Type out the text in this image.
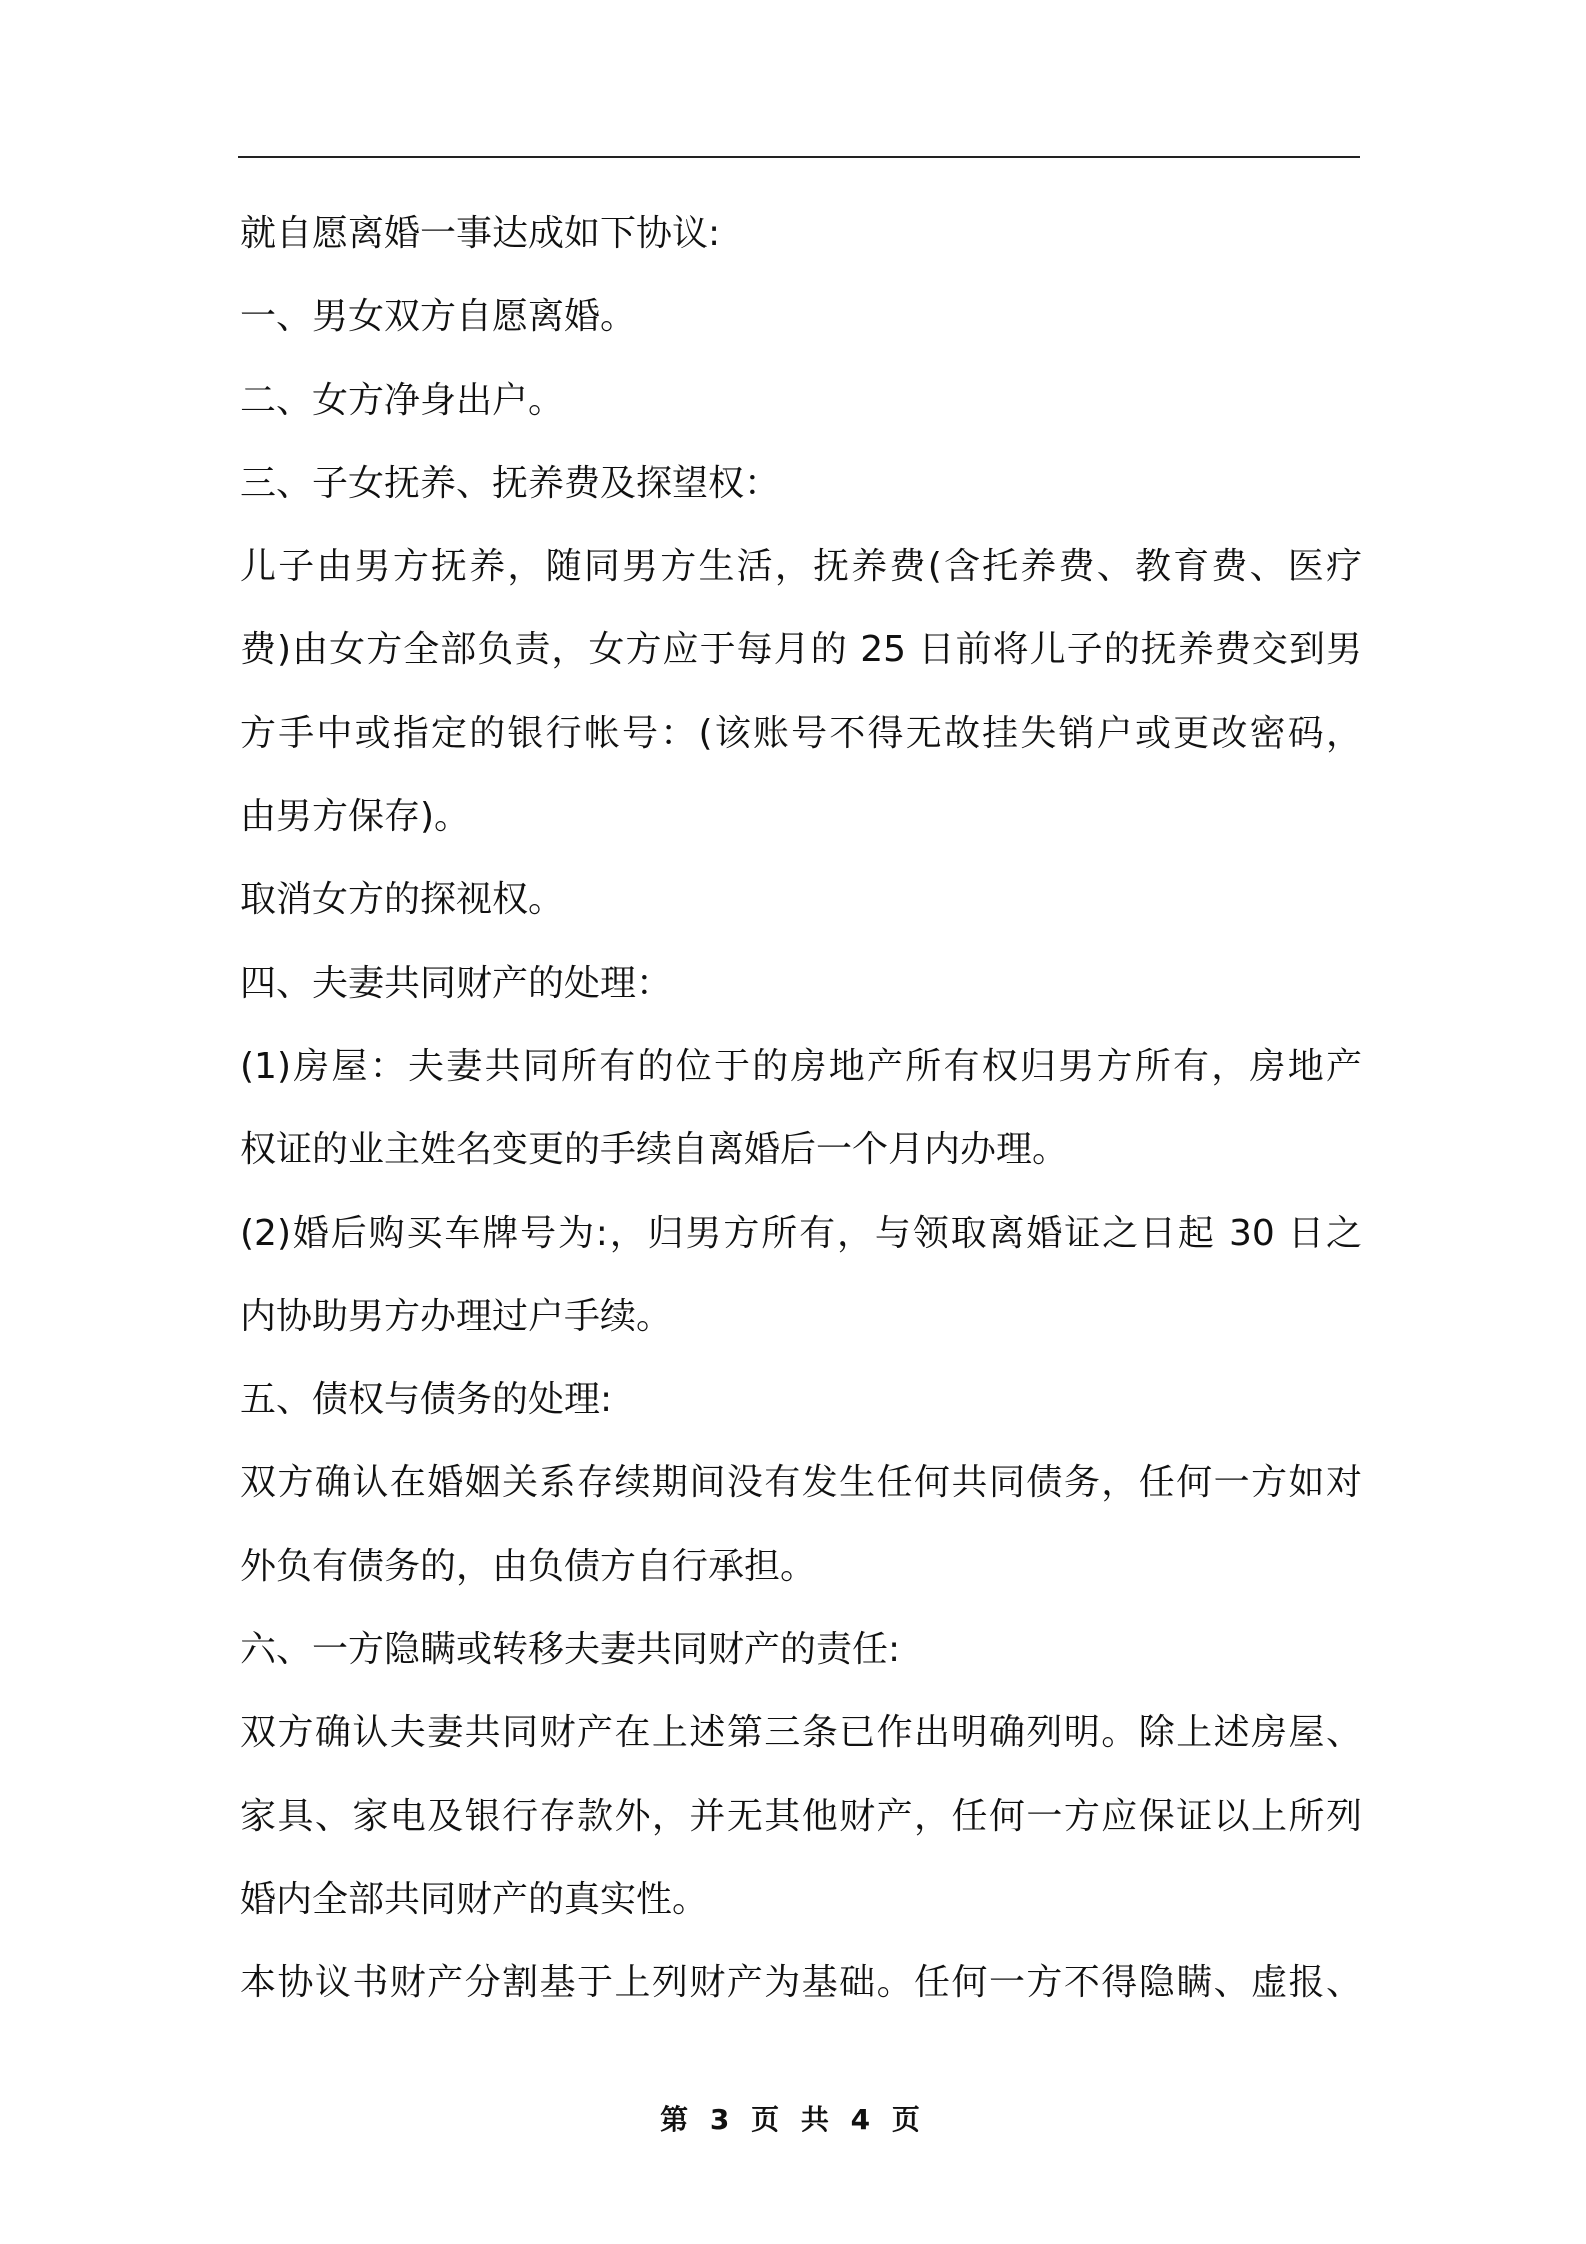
就自愿离婚一事达成如下协议:
一、男女双方自愿离婚。
二、女方净身出户。
三、子女抚养、抚养费及探望权：
儿子由男方抚养，随同男方生活，抚养费(含托养费、教育费、医疗
费)由女方全部负责，女方应于每月的 25 日前将儿子的抚养费交到男
方手中或指定的银行帐号：(该账号不得无故挂失销户或更改密码，
由男方保存)。
取消女方的探视权。
四、夫妻共同财产的处理：
(1)房屋：夫妻共同所有的位于的房地产所有权归男方所有，房地产
权证的业主姓名变更的手续自离婚后一个月内办理。
(2)婚后购买车牌号为:，归男方所有，与领取离婚证之日起 30 日之
内协助男方办理过户手续。
五、债权与债务的处理:
双方确认在婚姻关系存续期间没有发生任何共同债务，任何一方如对
外负有债务的，由负债方自行承担。
六、一方隐瞒或转移夫妻共同财产的责任:
双方确认夫妻共同财产在上述第三条已作出明确列明。除上述房屋、
家具、家电及银行存款外，并无其他财产，任何一方应保证以上所列
婚内全部共同财产的真实性。
本协议书财产分割基于上列财产为基础。任何一方不得隐瞒、虚报、
第 3 页 共 4 页
